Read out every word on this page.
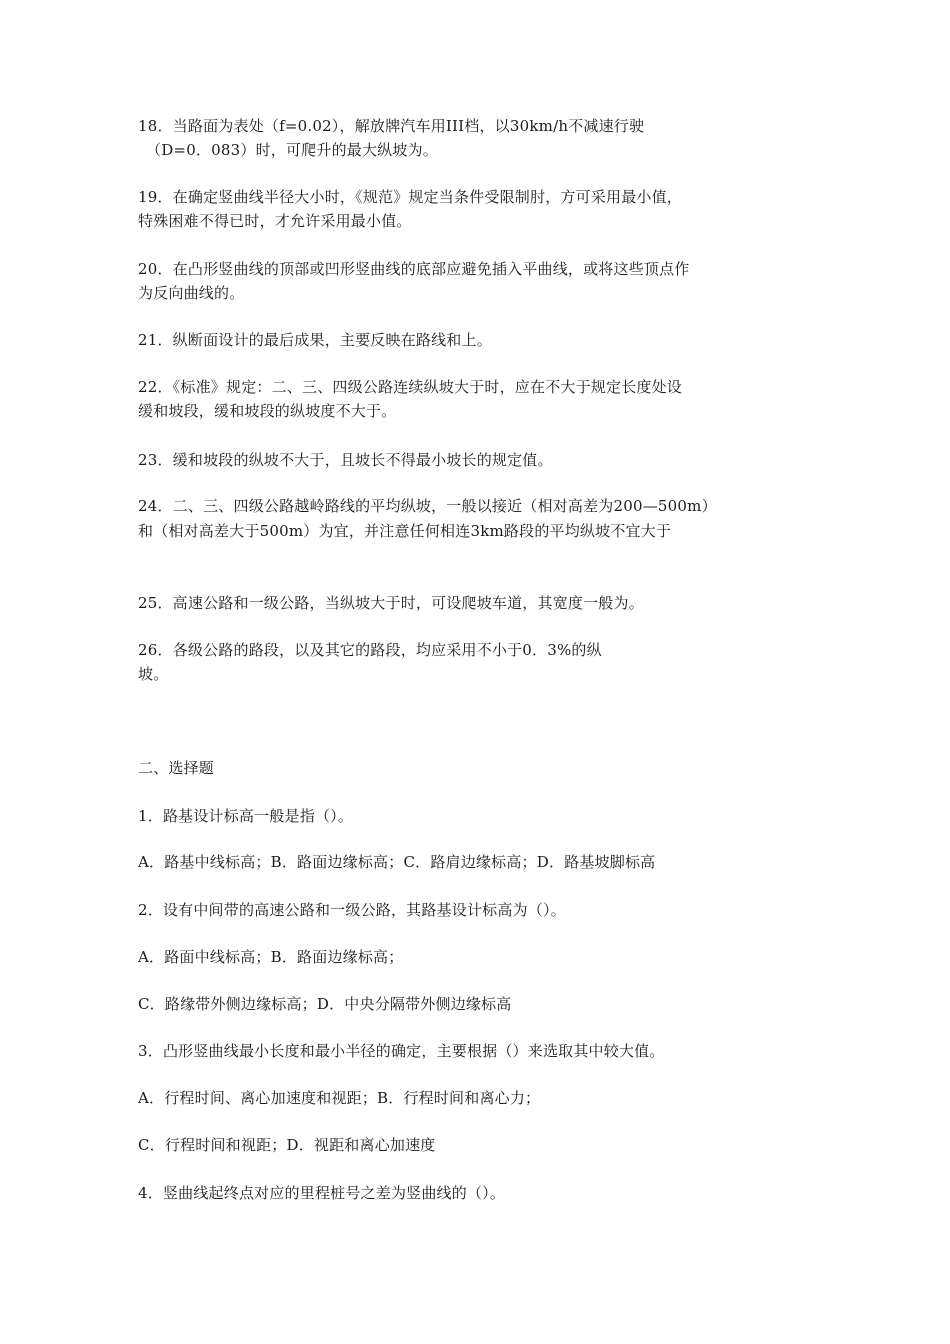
18．当路面为表处（f=0.02），解放牌汽车用III档，以30km/h不减速行驶
（D=0．083）时，可爬升的最大纵坡为。
19．在确定竖曲线半径大小时，《规范》规定当条件受限制肘，方可采用最小值，
特殊困难不得已时，才允许采用最小值。
20．在凸形竖曲线的顶部或凹形竖曲线的底部应避免插入平曲线，或将这些顶点作
为反向曲线的。
21．纵断面设计的最后成果，主要反映在路线和上。
22．《标准》规定：二、三、四级公路连续纵坡大于时，应在不大于规定长度处设
缓和坡段，缓和坡段的纵坡度不大于。
23．缓和坡段的纵坡不大于，且坡长不得最小坡长的规定值。
24．二、三、四级公路越岭路线的平均纵坡，一般以接近（相对高差为200—500m）
和（相对高差大于500m）为宜，并注意任何相连3km路段的平均纵坡不宜大于
25．高速公路和一级公路，当纵坡大于时，可设爬坡车道，其宽度一般为。
26．各级公路的路段，以及其它的路段，均应采用不小于0．3%的纵
坡。
二、选择题
1．路基设计标高一般是指（）。
A．路基中线标高；B．路面边缘标高；C．路肩边缘标高；D．路基坡脚标高
2．设有中间带的高速公路和一级公路，其路基设计标高为（）。
A．路面中线标高；B．路面边缘标高；
C．路缘带外侧边缘标高；D．中央分隔带外侧边缘标高
3．凸形竖曲线最小长度和最小半径的确定，主要根据（）来选取其中较大值。
A．行程时间、离心加速度和视距；B．行程时间和离心力；
C．行程时间和视距；D．视距和离心加速度
4．竖曲线起终点对应的里程桩号之差为竖曲线的（）。
